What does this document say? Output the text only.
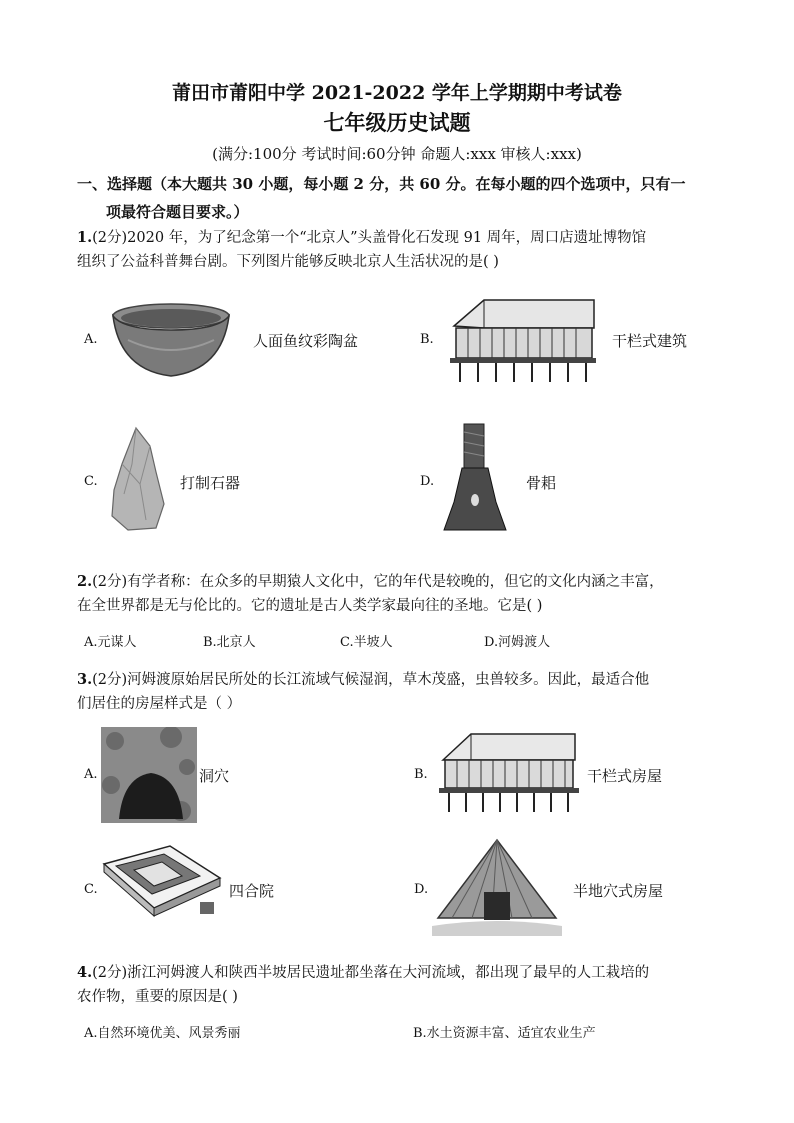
莆田市莆阳中学 2021-2022 学年上学期期中考试卷
七年级历史试题
(满分:100分 考试时间:60分钟 命题人:xxx 审核人:xxx)
一、选择题（本大题共 30 小题，每小题 2 分，共 60 分。在每小题的四个选项中，只有一
项最符合题目要求。）
1.(2分)2020 年，为了纪念第一个“北京人”头盖骨化石发现 91 周年，周口店遗址博物馆
组织了公益科普舞台剧。下列图片能够反映北京人生活状况的是( )
A.	人面鱼纹彩陶盆	B.	干栏式建筑
C.	打制石器	D.	骨耜
2.(2分)有学者称：在众多的早期猿人文化中，它的年代是较晚的，但它的文化内涵之丰富，
在全世界都是无与伦比的。它的遗址是古人类学家最向往的圣地。它是( )
A.元谋人	B.北京人	C.半坡人	D.河姆渡人
3.(2分)河姆渡原始居民所处的长江流域气候湿润，草木茂盛，虫兽较多。因此，最适合他
们居住的房屋样式是（ ）
A.	洞穴	B.	干栏式房屋
C.	四合院	D.	半地穴式房屋
4.(2分)浙江河姆渡人和陕西半坡居民遗址都坐落在大河流域，都出现了最早的人工栽培的
农作物，重要的原因是( )
A.自然环境优美、风景秀丽	B.水土资源丰富、适宜农业生产
